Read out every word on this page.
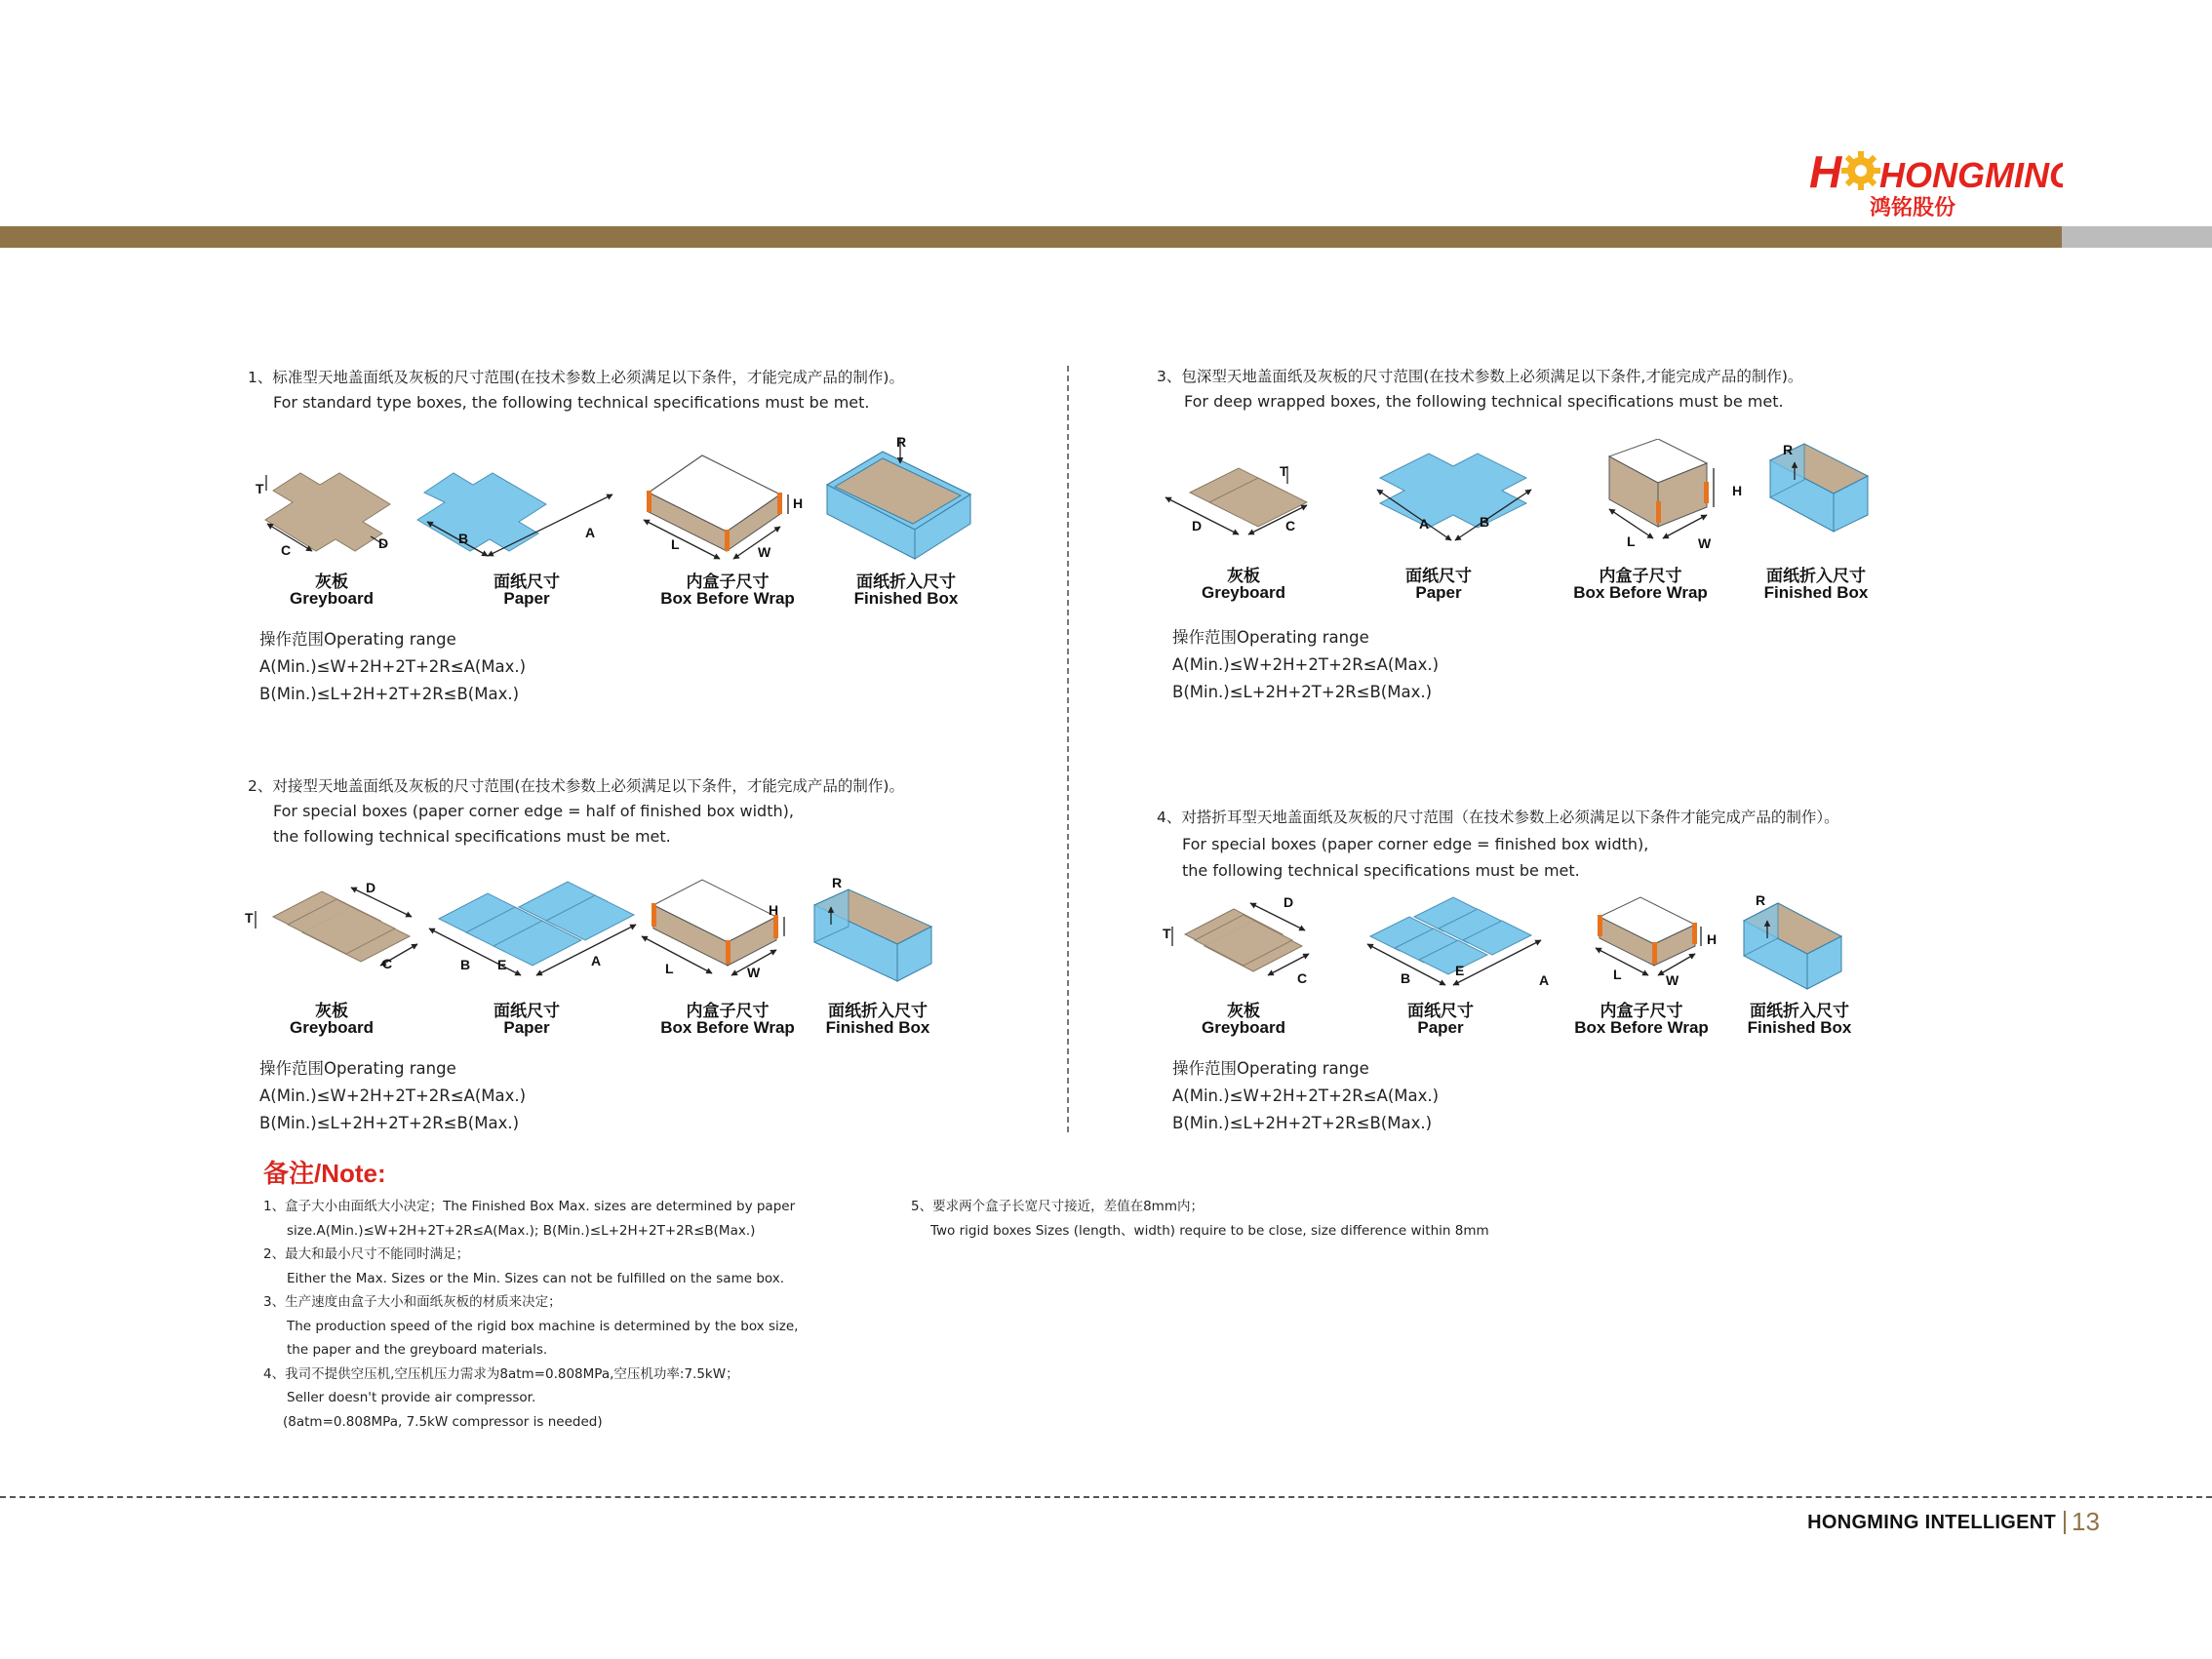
H HONGMING
鸿铭股份
1、标准型天地盖面纸及灰板的尺寸范围(在技术参数上必须满足以下条件，才能完成产品的制作)。
For standard type boxes, the following technical specifications must be met.
C	D
T
B	A
L	W
H
R
灰板
Greyboard
面纸尺寸
Paper
内盒子尺寸
Box Before Wrap
面纸折入尺寸
Finished Box
操作范围Operating range
A(Min.)≤W+2H+2T+2R≤A(Max.)
B(Min.)≤L+2H+2T+2R≤B(Max.)
2、对接型天地盖面纸及灰板的尺寸范围(在技术参数上必须满足以下条件，才能完成产品的制作)。
For special boxes (paper corner edge = half of finished box width),
the following technical specifications must be met.
D
C
T
B E	A	L	W
H
R
灰板
Greyboard
面纸尺寸
Paper
内盒子尺寸
Box Before Wrap
面纸折入尺寸
Finished Box
操作范围Operating range
A(Min.)≤W+2H+2T+2R≤A(Max.)
B(Min.)≤L+2H+2T+2R≤B(Max.)
3、包深型天地盖面纸及灰板的尺寸范围(在技术参数上必须满足以下条件,才能完成产品的制作)。
For deep wrapped boxes, the following technical specifications must be met.
D	C
T
A	B
L	W
H
R
灰板
Greyboard
面纸尺寸
Paper
内盒子尺寸
Box Before Wrap
面纸折入尺寸
Finished Box
操作范围Operating range
A(Min.)≤W+2H+2T+2R≤A(Max.)
B(Min.)≤L+2H+2T+2R≤B(Max.)
4、对搭折耳型天地盖面纸及灰板的尺寸范围（在技术参数上必须满足以下条件才能完成产品的制作）。
For special boxes (paper corner edge = finished box width),
the following technical specifications must be met.
D
C
T
B	E
A	L	W
H
R
灰板
Greyboard
面纸尺寸
Paper
内盒子尺寸
Box Before Wrap
面纸折入尺寸
Finished Box
操作范围Operating range
A(Min.)≤W+2H+2T+2R≤A(Max.)
B(Min.)≤L+2H+2T+2R≤B(Max.)
备注/Note:
1、盒子大小由面纸大小决定；The Finished Box Max. sizes are determined by paper
size.A(Min.)≤W+2H+2T+2R≤A(Max.); B(Min.)≤L+2H+2T+2R≤B(Max.)
2、最大和最小尺寸不能同时满足；
Either the Max. Sizes or the Min. Sizes can not be fulfilled on the same box.
3、生产速度由盒子大小和面纸灰板的材质来决定；
The production speed of the rigid box machine is determined by the box size,
the paper and the greyboard materials.
4、我司不提供空压机,空压机压力需求为8atm=0.808MPa,空压机功率:7.5kW；
Seller doesn't provide air compressor.
(8atm=0.808MPa, 7.5kW compressor is needed)
5、要求两个盒子长宽尺寸接近，差值在8mm内；
Two rigid boxes Sizes (length、width) require to be close, size difference within 8mm
HONGMING INTELLIGENT 13
